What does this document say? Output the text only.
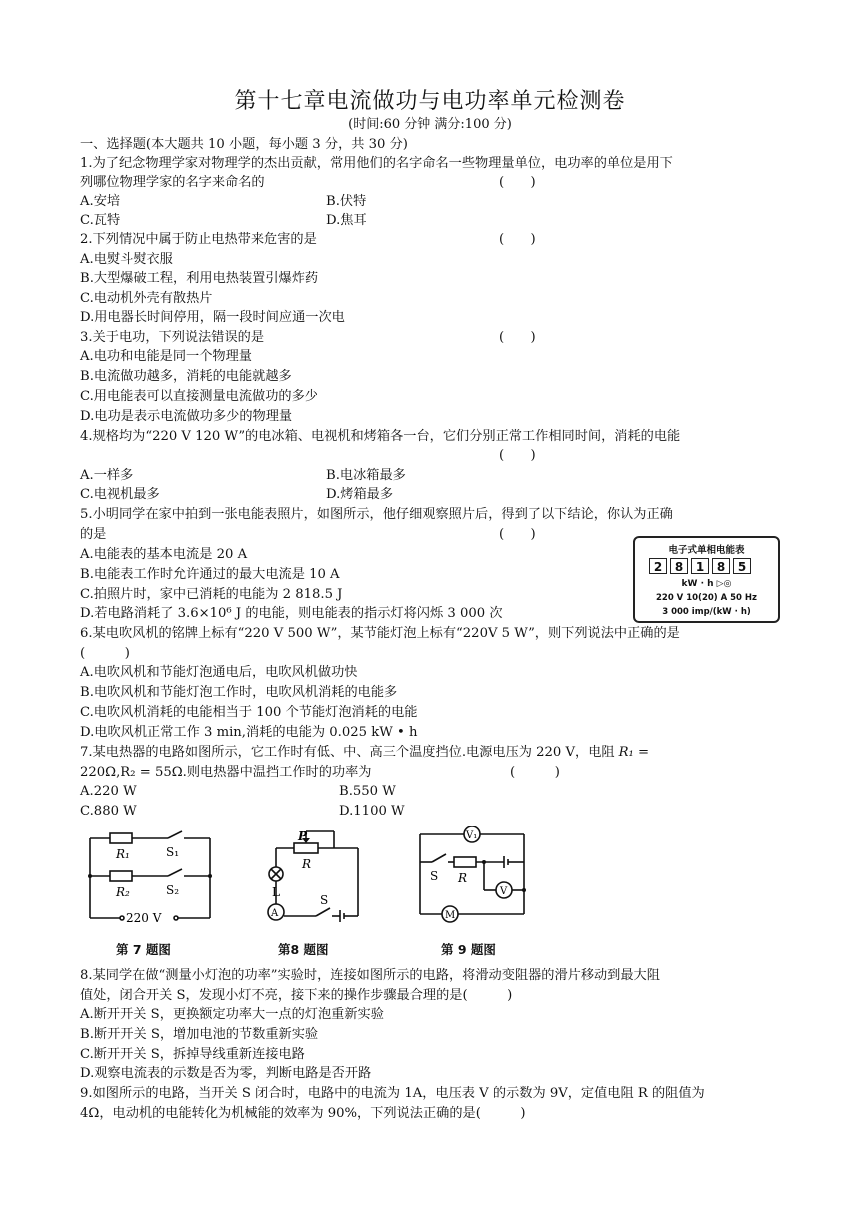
第十七章电流做功与电功率单元检测卷
(时间:60 分钟 满分:100 分)
一、选择题(本大题共 10 小题，每小题 3 分，共 30 分)
1.为了纪念物理学家对物理学的杰出贡献，常用他们的名字命名一些物理量单位，电功率的单位是用下
列哪位物理学家的名字来命名的	(　　)
A.安培	B.伏特
C.瓦特	D.焦耳
2.下列情况中属于防止电热带来危害的是	(　　)
A.电熨斗熨衣服
B.大型爆破工程，利用电热装置引爆炸药
C.电动机外壳有散热片
D.用电器长时间停用，隔一段时间应通一次电
3.关于电功，下列说法错误的是	(　　)
A.电功和电能是同一个物理量
B.电流做功越多，消耗的电能就越多
C.用电能表可以直接测量电流做功的多少
D.电功是表示电流做功多少的物理量
4.规格均为“220 V 120 W”的电冰箱、电视机和烤箱各一台，它们分别正常工作相同时间，消耗的电能
(　　)
A.一样多	B.电冰箱最多
C.电视机最多	D.烤箱最多
5.小明同学在家中拍到一张电能表照片，如图所示，他仔细观察照片后，得到了以下结论，你认为正确
的是	(　　)
A.电能表的基本电流是 20 A
B.电能表工作时允许通过的最大电流是 10 A
C.拍照片时，家中已消耗的电能为 2 818.5 J
D.若电路消耗了 3.6×10⁶ J 的电能，则电能表的指示灯将闪烁 3 000 次
电子式单相电能表
2	8	1	8	5
kW · h ▷◎
220 V 10(20) A 50 Hz
3 000 imp/(kW · h)
6.某电吹风机的铭牌上标有“220 V 500 W”，某节能灯泡上标有“220V 5 W”，则下列说法中正确的是
(　　　)
A.电吹风机和节能灯泡通电后，电吹风机做功快
B.电吹风机和节能灯泡工作时，电吹风机消耗的电能多
C.电吹风机消耗的电能相当于 100 个节能灯泡消耗的电能
D.电吹风机正常工作 3 min,消耗的电能为 0.025 kW • h
7.某电热器的电路如图所示，它工作时有低、中、高三个温度挡位.电源电压为 220 V，电阻 R₁ =
220Ω,R₂ = 55Ω.则电热器中温挡工作时的功率为	(　　　)
A.220 W	B.550 W
C.880 W	D.1100 W
R₁	S₁
R₂	S₂
220 V
P
R
L
A
S
V₁
S R
V
M
第 7 题图	第8 题图	第 9 题图
8.某同学在做“测量小灯泡的功率”实验时，连接如图所示的电路，将滑动变阻器的滑片移动到最大阻
值处，闭合开关 S，发现小灯不亮，接下来的操作步骤最合理的是(　　　)
A.断开开关 S，更换额定功率大一点的灯泡重新实验
B.断开开关 S，增加电池的节数重新实验
C.断开开关 S，拆掉导线重新连接电路
D.观察电流表的示数是否为零，判断电路是否开路
9.如图所示的电路，当开关 S 闭合时，电路中的电流为 1A，电压表 V 的示数为 9V，定值电阻 R 的阻值为
4Ω，电动机的电能转化为机械能的效率为 90%，下列说法正确的是(　　　)
